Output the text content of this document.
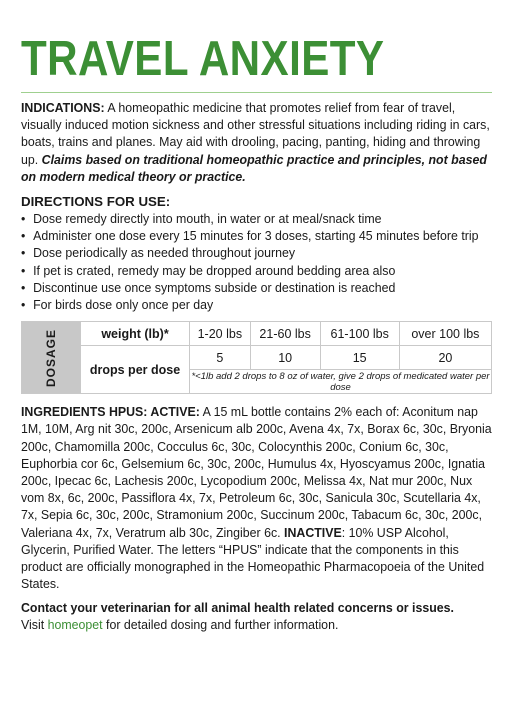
TRAVEL ANXIETY

INDICATIONS: A homeopathic medicine that promotes relief from fear of travel, visually induced motion sickness and other stressful situations including riding in cars, boats, trains and planes. May aid with drooling, pacing, panting, hiding and throwing up. Claims based on traditional homeopathic practice and principles, not based on modern medical theory or practice.

DIRECTIONS FOR USE:
• Dose remedy directly into mouth, in water or at meal/snack time
• Administer one dose every 15 minutes for 3 doses, starting 45 minutes before trip
• Dose periodically as needed throughout journey
• If pet is crated, remedy may be dropped around bedding area also
• Discontinue use once symptoms subside or destination is reached
• For birds dose only once per day
DOSAGE	weight (lb)*	1-20 lbs	21-60 lbs	61-100 lbs	over 100 lbs
	drops per dose	5	10	15	20
		*<1lb add 2 drops to 8 oz of water, give 2 drops of medicated water per dose			

INGREDIENTS HPUS: ACTIVE: A 15 mL bottle contains 2% each of: Aconitum nap 1M, 10M, Arg nit 30c, 200c, Arsenicum alb 200c, Avena 4x, 7x, Borax 6c, 30c, Bryonia 200c, Chamomilla 200c, Cocculus 6c, 30c, Colocynthis 200c, Conium 6c, 30c, Euphorbia cor 6c, Gelsemium 6c, 30c, 200c, Humulus 4x, Hyoscyamus 200c, Ignatia 200c, Ipecac 6c, Lachesis 200c, Lycopodium 200c, Melissa 4x, Nat mur 200c, Nux vom 8x, 6c, 200c, Passiflora 4x, 7x, Petroleum 6c, 30c, Sanicula 30c, Scutellaria 4x, 7x, Sepia 6c, 30c, 200c, Stramonium 200c, Succinum 200c, Tabacum 6c, 30c, 200c, Valeriana 4x, 7x, Veratrum alb 30c, Zingiber 6c. INACTIVE: 10% USP Alcohol, Glycerin, Purified Water. The letters “HPUS” indicate that the components in this product are officially monographed in the Homeopathic Pharmacopoeia of the United States.

Contact your veterinarian for all animal health related concerns or issues.
Visit homeopet for detailed dosing and further information.
